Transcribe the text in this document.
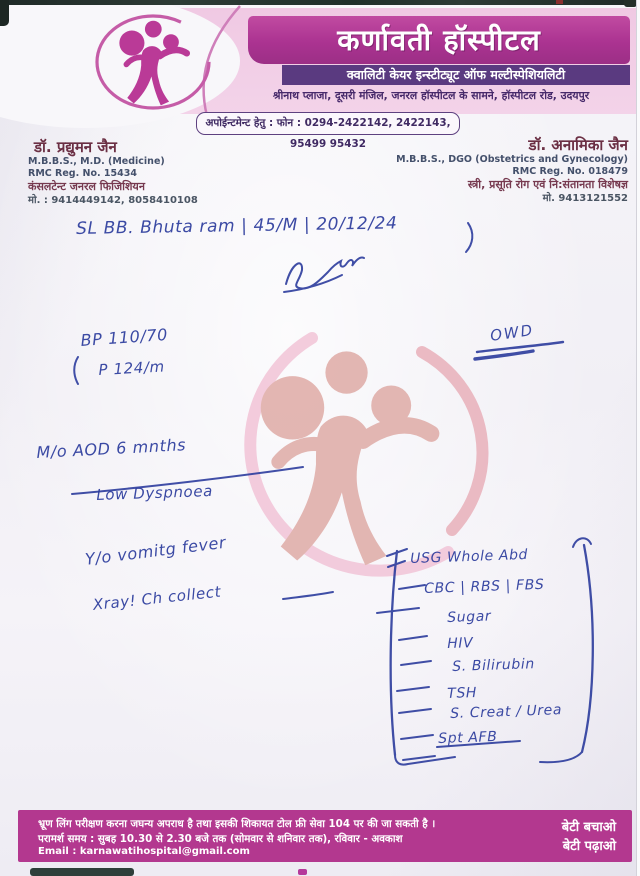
कर्णावती हॉस्पीटल
क्वालिटी केयर इन्स्टीट्यूट ऑफ मल्टीस्पेशियलिटी
श्रीनाथ प्लाजा, दूसरी मंजिल, जनरल हॉस्पीटल के सामने, हॉस्पीटल रोड, उदयपुर
अपोईन्टमेन्ट हेतु : फोन : 0294-2422142, 2422143, 95499 95432
डॉ. प्रद्युमन जैन
M.B.B.S., M.D. (Medicine)
RMC Reg. No. 15434
कंसलटेन्ट जनरल फिजिशियन
मो. : 9414449142, 8058410108
डॉ. अनामिका जैन
M.B.B.S., DGO (Obstetrics and Gynecology)
RMC Reg. No. 018479
स्त्री, प्रसूति रोग एवं नि:संतानता विशेषज्ञ
मो. 9413121552
SL BB. Bhuta ram | 45/M | 20/12/24
BP 110/70
P 124/m
OWD
M/o AOD 6 mnths
Low Dyspnoea
Y/o vomitg fever
Xray! Ch collect
USG Whole Abd
CBC | RBS | FBS
Sugar
HIV
S. Bilirubin
TSH
S. Creat / Urea
Spt AFB
भ्रूण लिंग परीक्षण करना जघन्य अपराध है तथा इसकी शिकायत टोल फ्री सेवा 104 पर की जा सकती है ।
परामर्श समय : सुबह 10.30 से 2.30 बजे तक (सोमवार से शनिवार तक), रविवार - अवकाश
Email : karnawatihospital@gmail.com
बेटी बचाओ
बेटी पढ़ाओ
